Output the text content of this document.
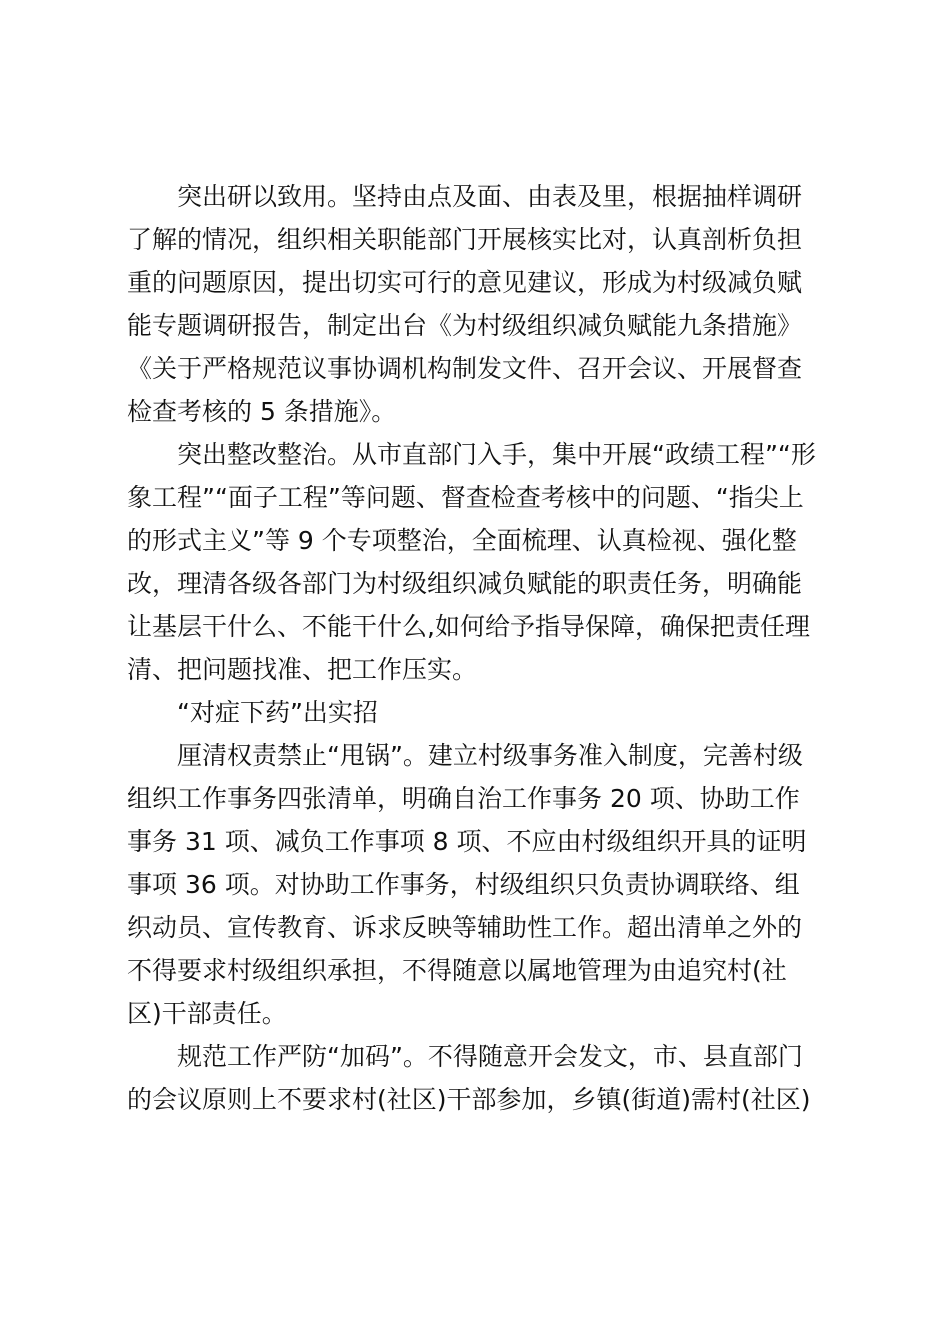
突出研以致用。坚持由点及面、由表及里，根据抽样调研
了解的情况，组织相关职能部门开展核实比对，认真剖析负担
重的问题原因，提出切实可行的意见建议，形成为村级减负赋
能专题调研报告，制定出台《为村级组织减负赋能九条措施》
《关于严格规范议事协调机构制发文件、召开会议、开展督查
检查考核的 5 条措施》。
突出整改整治。从市直部门入手，集中开展“政绩工程”“形
象工程”“面子工程”等问题、督查检查考核中的问题、“指尖上
的形式主义”等 9 个专项整治，全面梳理、认真检视、强化整
改，理清各级各部门为村级组织减负赋能的职责任务，明确能
让基层干什么、不能干什么,如何给予指导保障，确保把责任理
清、把问题找准、把工作压实。
“对症下药”出实招
厘清权责禁止“甩锅”。建立村级事务准入制度，完善村级
组织工作事务四张清单，明确自治工作事务 20 项、协助工作
事务 31 项、减负工作事项 8 项、不应由村级组织开具的证明
事项 36 项。对协助工作事务，村级组织只负责协调联络、组
织动员、宣传教育、诉求反映等辅助性工作。超出清单之外的
不得要求村级组织承担，不得随意以属地管理为由追究村(社
区)干部责任。
规范工作严防“加码”。不得随意开会发文，市、县直部门
的会议原则上不要求村(社区)干部参加，乡镇(街道)需村(社区)
